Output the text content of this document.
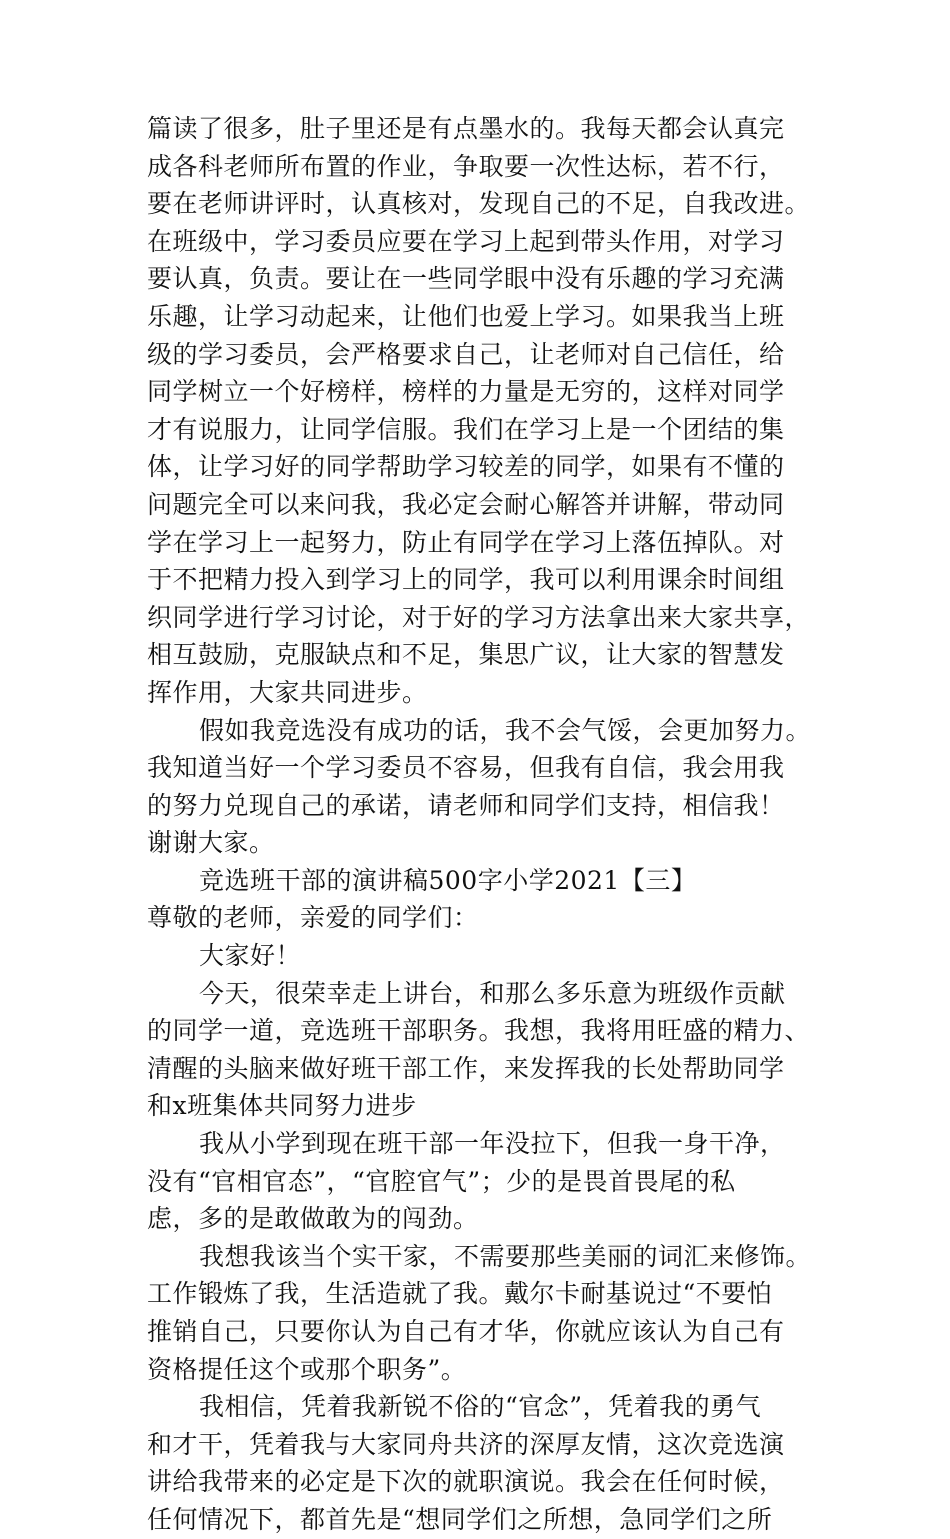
篇读了很多，肚子里还是有点墨水的。我每天都会认真完
成各科老师所布置的作业，争取要一次性达标，若不行，
要在老师讲评时，认真核对，发现自己的不足，自我改进。
在班级中，学习委员应要在学习上起到带头作用，对学习
要认真，负责。要让在一些同学眼中没有乐趣的学习充满
乐趣，让学习动起来，让他们也爱上学习。如果我当上班
级的学习委员，会严格要求自己，让老师对自己信任，给
同学树立一个好榜样，榜样的力量是无穷的，这样对同学
才有说服力，让同学信服。我们在学习上是一个团结的集
体，让学习好的同学帮助学习较差的同学，如果有不懂的
问题完全可以来问我，我必定会耐心解答并讲解，带动同
学在学习上一起努力，防止有同学在学习上落伍掉队。对
于不把精力投入到学习上的同学，我可以利用课余时间组
织同学进行学习讨论，对于好的学习方法拿出来大家共享，
相互鼓励，克服缺点和不足，集思广议，让大家的智慧发
挥作用，大家共同进步。
假如我竞选没有成功的话，我不会气馁，会更加努力。
我知道当好一个学习委员不容易，但我有自信，我会用我
的努力兑现自己的承诺，请老师和同学们支持，相信我！
谢谢大家。
竞选班干部的演讲稿500字小学2021【三】
尊敬的老师，亲爱的同学们：
大家好！
今天，很荣幸走上讲台，和那么多乐意为班级作贡献
的同学一道，竞选班干部职务。我想，我将用旺盛的精力、
清醒的头脑来做好班干部工作，来发挥我的长处帮助同学
和x班集体共同努力进步
我从小学到现在班干部一年没拉下，但我一身干净，
没有“官相官态”，“官腔官气”；少的是畏首畏尾的私
虑，多的是敢做敢为的闯劲。
我想我该当个实干家，不需要那些美丽的词汇来修饰。
工作锻炼了我，生活造就了我。戴尔卡耐基说过“不要怕
推销自己，只要你认为自己有才华，你就应该认为自己有
资格提任这个或那个职务”。
我相信，凭着我新锐不俗的“官念”，凭着我的勇气
和才干，凭着我与大家同舟共济的深厚友情，这次竞选演
讲给我带来的必定是下次的就职演说。我会在任何时候，
任何情况下，都首先是“想同学们之所想，急同学们之所
